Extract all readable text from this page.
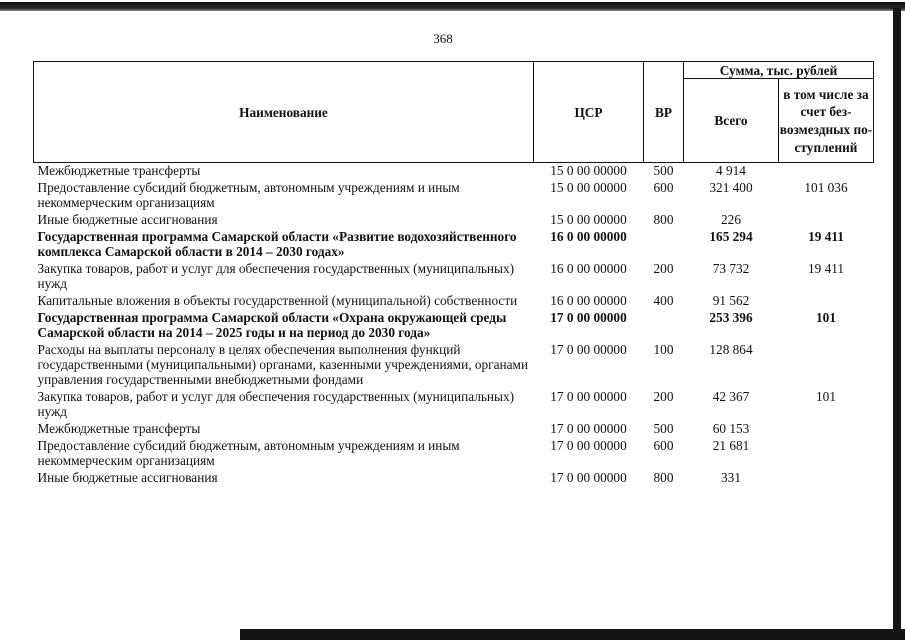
368
Наименование	ЦСР	ВР	Сумма, тыс. рублей	
			Всего	в том числе за счет без-возмездных по-ступлений
Межбюджетные трансферты	15 0 00 00000	500	4 914	
Предоставление субсидий бюджетным, автономным учреждениям и иным некоммерческим организациям	15 0 00 00000	600	321 400	101 036
Иные бюджетные ассигнования	15 0 00 00000	800	226	
Государственная программа Самарской области «Развитие водохозяйственного комплекса Самарской области в 2014 – 2030 годах»	16 0 00 00000		165 294	19 411
Закупка товаров, работ и услуг для обеспечения государственных (муниципальных) нужд	16 0 00 00000	200	73 732	19 411
Капитальные вложения в объекты государственной (муниципальной) собственности	16 0 00 00000	400	91 562	
Государственная программа Самарской области «Охрана окружающей среды Самарской области на 2014 – 2025 годы и на период до 2030 года»	17 0 00 00000		253 396	101
Расходы на выплаты персоналу в целях обеспечения выполнения функций государственными (муниципальными) органами, казенными учреждениями, органами управления государственными внебюджетными фондами	17 0 00 00000	100	128 864	
Закупка товаров, работ и услуг для обеспечения государственных (муниципальных) нужд	17 0 00 00000	200	42 367	101
Межбюджетные трансферты	17 0 00 00000	500	60 153	
Предоставление субсидий бюджетным, автономным учреждениям и иным некоммерческим организациям	17 0 00 00000	600	21 681	
Иные бюджетные ассигнования	17 0 00 00000	800	331	
